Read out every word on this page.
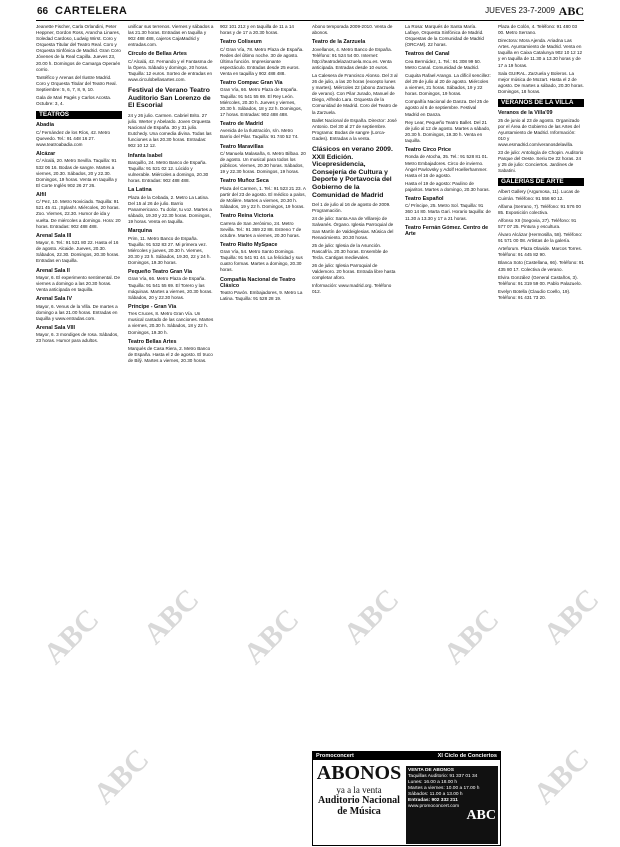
66 CARTELERA	JUEVES 23-7-2009 ABC

Jeanette Fischer, Carla Orlandini, Peter Heppner, Gordon Ross, Arancha Linares, Soledad Cardoso, Ludwig Wirst. Coro y Orquesta Titular del Teatro Real. Coro y Orquesta Sinfónica de Madrid. Gran Coro Jóvenes de la Real Capilla. Jueves 23, 20.00 h. Domingos de Camarga Operaén corrio.

Tantéfico y Arenas del Ilustre Madrid. Coro y Orquesta Titular del Teatro Real. Septiembre: 5, 6, 7, 8, 9, 10.

Gala de Mari Pagés y Carlos Acosta. Octubre: 3, 4.

TEATROS
Abadía

C/ Fernández de los Ríos, 42. Metro Quevedo. Tel.: 91 448 16 27. www.teatroabadia.com

Alcázar

C/ Alcalá, 20. Metro Sevilla. Taquilla: 91 532 06 16. Bodas de sangre. Martes a viernes, 20.30. Sábados, 20 y 22.30. Domingos, 19 horas. Venta en taquilla y El Corte Inglés 902 26 27 26.

Alfil

C/ Pez, 10. Metro Noviciado. Taquilla: 91 521 45 41. ¡Splash!. Miércoles, 20 horas. Zoo. Viernes, 22.30. Humor de ida y vuelta. De miércoles a domingo. Hora: 20 horas. Entradas: 902 488 488.

Arenal Sala III

Mayor, 6. Tel.: 91 521 80 22. Hasta el 16 de agosto. Alcaide. Jueves, 20.30. Sábados, 22.30. Domingos, 20.30 horas. Entradas en taquilla.

Arenal Sala II

Mayor, 6. El experimento sentimental. De viernes a domingo a las 20.30 horas. Venta anticipada en taquilla.

Arenal Sala IV

Mayor, 6. Venus de la Villa. De martes a domingo a las 21.00 horas. Entradas en taquilla y www.entradas.com.

Arenal Sala VIII

Mayor, 6. 3 mondiges de rosa. Sábados, 23 horas. Humor para adultos.

unificar sus terrenos. Viernes y sábados a las 21.30 horas. Entradas en taquilla y 902 488 488, cajeros CajaMadrid y entradas.com.

Círculo de Bellas Artes

C/ Alcalá, 42. Fernando y el Fantasma de la Ópera. Sábado y domingo, 20 horas. Taquilla: 12 euros. Sorteo de entradas en www.circulobellasartes.com.

Festival de Verano Teatro Auditorio San Lorenzo de El Escorial

24 y 26 julio. Carmen. Cabriel Brito. 27 julio. Werter y Abelardo. Joven Orquesta Nacional de España. 30 y 31 julio. Eutchedy. Una comedia divina. Todas las funciones a las 20.30 horas. Entradas: 902 10 12 12.

Infanta Isabel

Barquillo, 24. Metro Banco de España. Taquilla: 91 521 02 12. Lúcido y vulnerable. Miércoles a domingo, 20.30 horas. Entradas: 902 488 488.

La Latina

Plaza de la Cebada, 2. Metro La Latina. Del 15 al 26 de julio. Barrio Panamericano. Tu dolor, tu voz. Martes a sábado, 19.30 y 22.30 horas. Domingos, 19 horas. Venta en taquilla.

Marquina

Prim, 11. Metro Banco de España. Taquilla: 91 532 83 27. Mi primera vez. Miércoles y jueves, 20.30 h. Viernes, 20.30 y 23 h. Sábados, 19.30, 22 y 24 h. Domingos, 19.30 horas.

Pequeño Teatro Gran Vía

Gran Vía, 66. Metro Plaza de España. Taquilla: 91 541 55 69. El Torero y las máquinas. Martes a viernes, 20.30 horas. Sábados, 20 y 22.30 horas.

Príncipe - Gran Vía

Tres Cruces, 8. Metro Gran Vía. Un musical cantado de las canciones. Martes a viernes, 20.30 h. Sábados, 18 y 22 h. Domingos, 19.30 h.

Teatro Bellas Artes

Marqués de Casa Riera, 2. Metro Banco de España. Hasta el 2 de agosto. El truco de Bilý. Martes a viernes, 20.30 horas.

902 101 212 y en taquilla de 11 a 14 horas y de 17 a 20.30 horas.

Teatro Coliseum

C/ Gran Vía, 78. Metro Plaza de España. Redes del último noche. 30 de agosto. Última función. Impresionante espectáculo. Entradas desde 25 euros. Venta en taquilla y 902 488 488.

Teatro Compac Gran Vía

Gran Vía, 66. Metro Plaza de España. Taquilla: 91 541 55 69. El Rey León. Miércoles, 20.30 h. Jueves y viernes, 20.30 h. Sábados, 18 y 22 h. Domingos, 17 horas. Entradas: 902 488 488.

Teatro de Madrid

Avenida de la Ilustración, s/n. Metro Barrio del Pilar. Taquilla: 91 740 52 74.

Teatro Maravillas

C/ Manuela Malasaña, 6. Metro Bilbao. 20 de agosto. Un musical para todos los públicos. Viernes, 20.30 horas. Sábados, 19 y 22.30 horas. Domingos, 19 horas.

Teatro Muñoz Seca

Plaza del Carmen, 1. Tel.: 91 523 21 23. A partir del 23 de agosto. El médico a palos, de Molière. Martes a viernes, 20.30 h. Sábados, 19 y 22 h. Domingos, 19 horas.

Teatro Reina Victoria

Carrera de San Jerónimo, 24. Metro Sevilla. Tel.: 91 369 22 88. Estreno 7 de octubre. Martes a viernes, 20.30 horas.

Teatro Rialto MySpace

Gran Vía, 54. Metro Santo Domingo. Taquilla: 91 541 91 44. La felicidad y sus cuatro formas. Martes a domingo, 20.30 horas.

Compañía Nacional de Teatro Clásico

Teatro Pavón. Embajadores, 9. Metro La Latina. Taquilla: 91 528 28 19.

Abono temporada 2009-2010. Venta de abonos.

Teatro de la Zarzuela

Jovellanos, 4. Metro Banco de España. Teléfono: 91 524 54 00. Internet: http://teatrodelazarzuela.mcu.es. Venta anticipada. Entradas desde 10 euros.

La Calesera de Francisco Alonso. Del 3 al 26 de julio, a las 20 horas (excepto lunes y martes). Miércoles 22 (abono Zarzuela de verano). Con Pilar Jurado, Manuel de Diego, Alfredo Lara. Orquesta de la Comunidad de Madrid. Coro del Teatro de la Zarzuela.

Ballet Nacional de España. Director: José Antonio. Del 30 al 27 de septiembre. Programa: Bodas de sangre (Lorca-Gades). Entradas a la venta.

Clásicos en verano 2009. XXII Edición. Vicepresidencia, Consejería de Cultura y Deporte y Portavocía del Gobierno de la Comunidad de Madrid

Del 1 de julio al 16 de agosto de 2009. Programación.

24 de julio: Santa Ana de Villarejo de Salvanés. Órgano. Iglesia Parroquial de San Martín de Valdeiglesias. Música del Renacimiento. 20.30 horas.

25 de julio: Iglesia de la Asunción. Rascafría. 20.30 horas. Ensemble de Tecla. Cantigas medievales.

26 de julio: Iglesia Parroquial de Valdemoro. 20 horas. Entrada libre hasta completar aforo.

Información: www.madrid.org. Teléfono 012.

La Rosa: Marqués de Santa María. Lafaye, Orquesta Sinfónica de Madrid. Orquestas de la Comunidad de Madrid (ORCAM). 22 horas.

Teatros del Canal

Cea Bermúdez, 1. Tel.: 91 308 99 50. Metro Canal. Comunidad de Madrid.

Cuquita Rafael Arango. La difícil sencillez: del 29 de julio al 20 de agosto. Miércoles a viernes, 21 horas. Sábados, 19 y 22 horas. Domingos, 19 horas.

Compañía Nacional de Danza. Del 25 de agosto al 6 de septiembre. Festival Madrid en Danza.

Rey Lear, Pequeño Teatro Ballet. Del 21 de julio al 12 de agosto. Martes a sábado, 20.30 h. Domingos, 19.30 h. Venta en taquilla.

Teatro Circo Price

Ronda de Atocha, 35. Tel.: 91 528 81 01. Metro Embajadores. Circo de invierno. Ángel Pavlovsky y Adolf Hoellerhammer. Hasta el 16 de agosto.

Hasta el 19 de agosto: Paulino de pajaritos. Martes a domingo, 20.30 horas.

Teatro Español

C/ Príncipe, 25. Metro Sol. Taquilla: 91 360 14 80. Marta Gari. Horario taquilla: de 11.30 a 13.30 y 17 a 21 horas.

Teatro Fernán Gómez. Centro de Arte

Plaza de Colón, 4. Teléfono: 91 480 03 00. Metro Serrano.

Directora: Mora Ajenda. Ariadna Las Artes. Ayuntamiento de Madrid. Venta en taquilla en Caixa Catalunya 902 10 12 12 y en taquilla de 11.30 a 13.30 horas y de 17 a 19 horas.

Sala GUIRAL. Zarzuela y Boleros. La mejor música de Mozart. Hasta el 2 de agosto. De martes a sábado, 20.30 horas. Domingos, 18 horas.

VERANOS DE LA VILLA
Veranos de la Villa'09

25 de junio al 23 de agosto. Organizado por el Área de Gobierno de las Artes del Ayuntamiento de Madrid. Información: 010 y www.esmadrid.com/veranosdelavilla.

23 de julio: Antología de Chopin. Auditorio Parque del Oeste. Seriu De 22 horas. 24 y 25 de julio: Conciertos. Jardines de Sabatini.

GALERÍAS DE ARTE

Albert Gallery (Argumosa, 11). Lucas de Cuirrán. Teléfono: 91 556 60 12.

Alfama (Serrano, 7). Teléfono: 91 576 00 85. Exposición colectiva.

Alfonso XII (Segovia, 27). Teléfono: 91 577 07 25. Pintura y escultura.

Álvaro Alcázar (Hermosilla, 58). Teléfono: 91 571 00 08. Artistas de la galería.

Arteforum. Plaza Olavide. Marcos Torres. Teléfono: 91 445 82 90.

Blanca Soto (Castellana, 66). Teléfono: 91 435 80 17. Colectiva de verano.

Elvira González (General Castaños, 3). Teléfono: 91 319 59 00. Pablo Palazuelo.

Evelyn Botella (Claudio Coello, 19). Teléfono: 91 431 73 20.

Promoconcert	XI Ciclo de Conciertos
ABONOS
ya a la venta
Auditorio Nacional de Música
VENTA DE ABONOS
Taquillas Auditorio: 91 337 01 34
Lunes: 16.00 a 18.00 h
Martes a viernes: 10.00 a 17.00 h
Sábados: 11.00 a 13.00 h
Entradas: 902 332 211
www.promoconcert.com
ABC
ABC ABC ABC ABC ABC ABC
ABC	ABC
